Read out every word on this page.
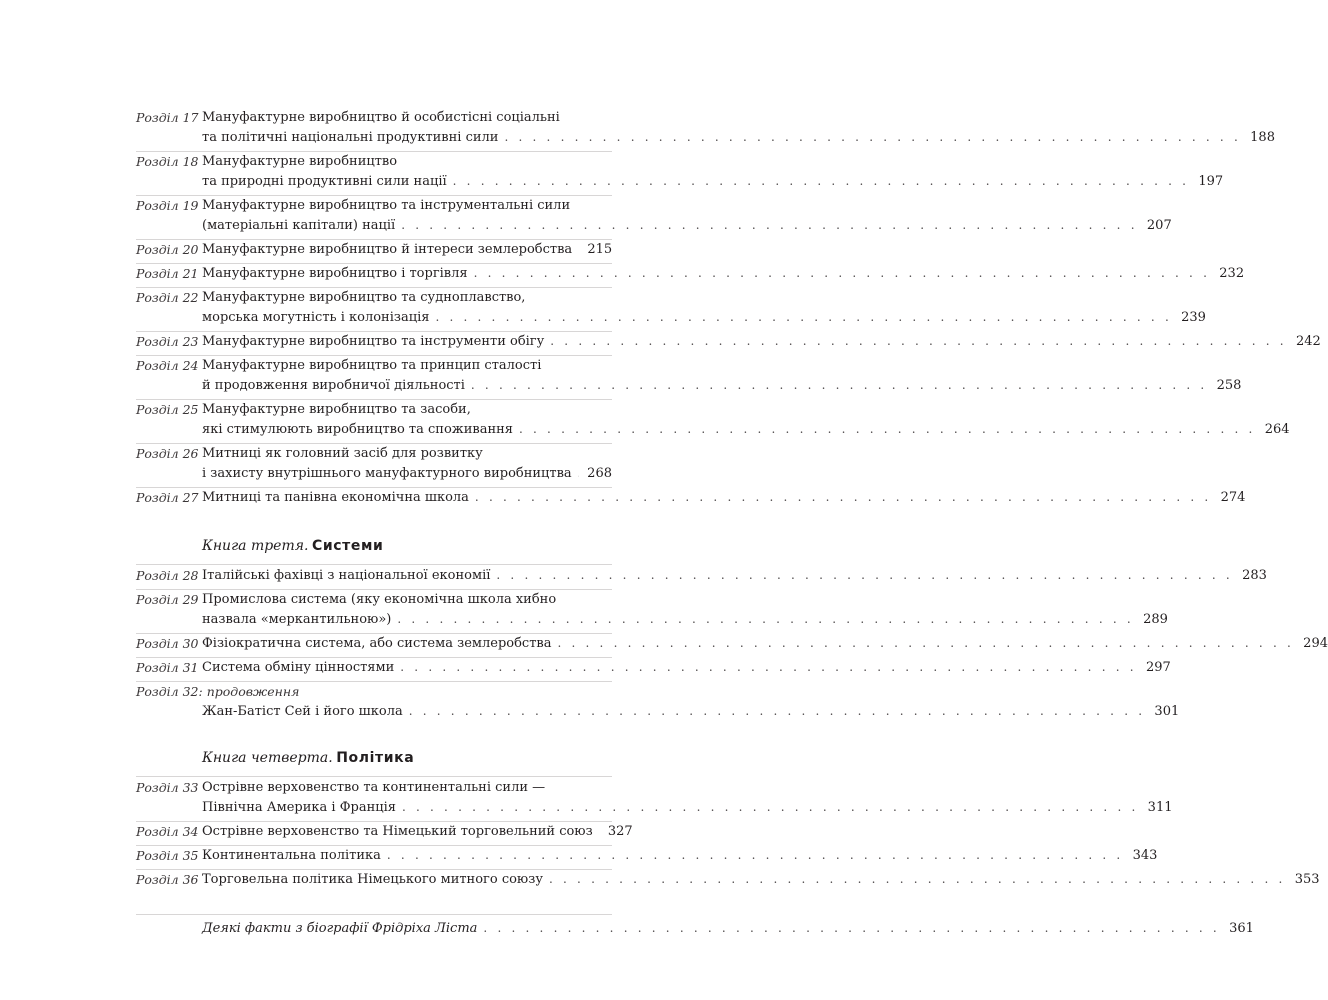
Розділ 17 Мануфактурне виробництво й особистісні соціальні
та політичні національні продуктивні сили . . . . . . . . . . . . . . . . . . . . . . . . . . . . . . . . . . . . . . . . . . . . . . . . . . . . . 188
Розділ 18 Мануфактурне виробництво
та природні продуктивні сили нації . . . . . . . . . . . . . . . . . . . . . . . . . . . . . . . . . . . . . . . . . . . . . . . . . . . . . 197
Розділ 19 Мануфактурне виробництво та інструментальні сили
(матеріальні капітали) нації . . . . . . . . . . . . . . . . . . . . . . . . . . . . . . . . . . . . . . . . . . . . . . . . . . . . . 207
Розділ 20 Мануфактурне виробництво й інтереси землеробства	215
Розділ 21 Мануфактурне виробництво і торгівля . . . . . . . . . . . . . . . . . . . . . . . . . . . . . . . . . . . . . . . . . . . . . . . . . . . . . 232
Розділ 22 Мануфактурне виробництво та судноплавство,
морська могутність і колонізація . . . . . . . . . . . . . . . . . . . . . . . . . . . . . . . . . . . . . . . . . . . . . . . . . . . . . 239
Розділ 23 Мануфактурне виробництво та інструменти обігу . . . . . . . . . . . . . . . . . . . . . . . . . . . . . . . . . . . . . . . . . . . . . . . . . . . . . 242
Розділ 24 Мануфактурне виробництво та принцип сталості
й продовження виробничої діяльності . . . . . . . . . . . . . . . . . . . . . . . . . . . . . . . . . . . . . . . . . . . . . . . . . . . . . 258
Розділ 25 Мануфактурне виробництво та засоби,
які стимулюють виробництво та споживання . . . . . . . . . . . . . . . . . . . . . . . . . . . . . . . . . . . . . . . . . . . . . . . . . . . . . 264
Розділ 26 Митниці як головний засіб для розвитку
і захисту внутрішнього мануфактурного виробництва	268
Розділ 27 Митниці та панівна економічна школа . . . . . . . . . . . . . . . . . . . . . . . . . . . . . . . . . . . . . . . . . . . . . . . . . . . . . 274
Книга третя. Системи
Розділ 28 Італійські фахівці з національної економії . . . . . . . . . . . . . . . . . . . . . . . . . . . . . . . . . . . . . . . . . . . . . . . . . . . . . 283
Розділ 29 Промислова система (яку економічна школа хибно
назвала «меркантильною») . . . . . . . . . . . . . . . . . . . . . . . . . . . . . . . . . . . . . . . . . . . . . . . . . . . . . 289
Розділ 30 Фізіократична система, або система землеробства . . . . . . . . . . . . . . . . . . . . . . . . . . . . . . . . . . . . . . . . . . . . . . . . . . . . . 294
Розділ 31 Система обміну цінностями . . . . . . . . . . . . . . . . . . . . . . . . . . . . . . . . . . . . . . . . . . . . . . . . . . . . . 297
Розділ 32: продовження
Жан-Батіст Сей і його школа . . . . . . . . . . . . . . . . . . . . . . . . . . . . . . . . . . . . . . . . . . . . . . . . . . . . . 301
Книга четверта. Політика
Розділ 33 Острівне верховенство та континентальні сили —
Північна Америка і Франція . . . . . . . . . . . . . . . . . . . . . . . . . . . . . . . . . . . . . . . . . . . . . . . . . . . . . 311
Розділ 34 Острівне верховенство та Німецький торговельний союз	327
Розділ 35 Континентальна політика . . . . . . . . . . . . . . . . . . . . . . . . . . . . . . . . . . . . . . . . . . . . . . . . . . . . . 343
Розділ 36 Торговельна політика Німецького митного союзу . . . . . . . . . . . . . . . . . . . . . . . . . . . . . . . . . . . . . . . . . . . . . . . . . . . . . 353
Деякі факти з біографії Фрідріха Ліста . . . . . . . . . . . . . . . . . . . . . . . . . . . . . . . . . . . . . . . . . . . . . . . . . . . . . 361
